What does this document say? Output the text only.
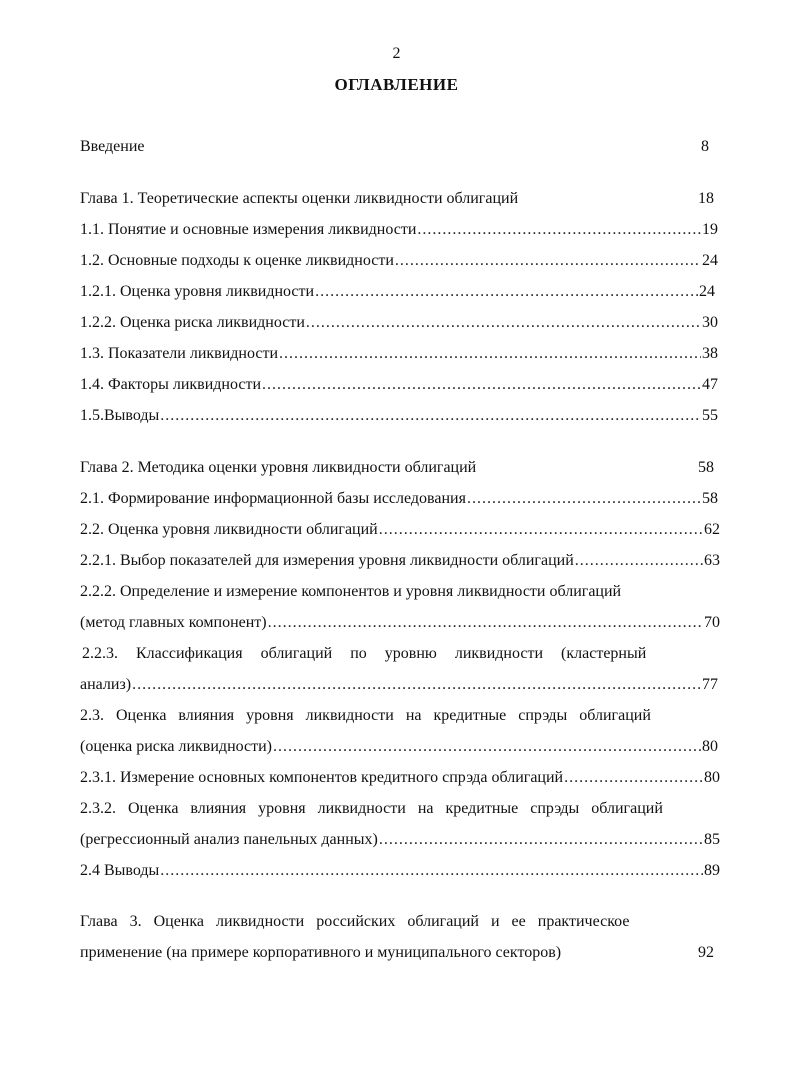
2
ОГЛАВЛЕНИЕ
Введение	8
Глава 1. Теоретические аспекты оценки ликвидности облигаций	18
1.1. Понятие и основные измерения ликвидности .....	19
1.2. Основные подходы к оценке ликвидности .....	24
1.2.1. Оценка уровня ликвидности .....	24
1.2.2. Оценка риска ликвидности .....	30
1.3. Показатели ликвидности .....	38
1.4. Факторы ликвидности .....	47
1.5.Выводы .....	55
Глава 2. Методика оценки уровня ликвидности облигаций	58
2.1. Формирование информационной базы исследования .....	58
2.2. Оценка уровня ликвидности облигаций .....	62
2.2.1. Выбор показателей для измерения уровня ликвидности облигаций .....	63
2.2.2. Определение и измерение компонентов и уровня ликвидности облигаций
(метод главных компонент) .....	70
2.2.3.  Классификация  облигаций  по  уровню  ликвидности  (кластерный
анализ) .....	77
2.3.  Оценка  влияния  уровня  ликвидности  на  кредитные  спрэды  облигаций
(оценка риска ликвидности) .....	80
2.3.1. Измерение основных компонентов кредитного спрэда облигаций .....	80
2.3.2.  Оценка  влияния  уровня  ликвидности  на  кредитные  спрэды  облигаций
(регрессионный анализ панельных данных) .....	85
2.4 Выводы .....	89
Глава  3.  Оценка  ликвидности  российских  облигаций  и  ее  практическое
применение (на примере корпоративного и муниципального секторов)	92
